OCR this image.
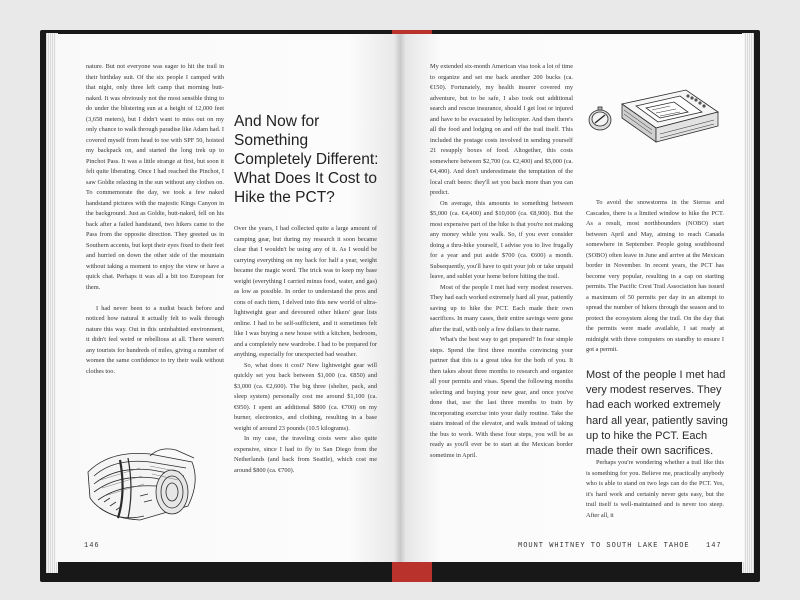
nature. But not everyone was eager to hit the trail in their birthday suit. Of the six people I camped with that night, only three left camp that morning butt-naked. It was obviously not the most sensible thing to do under the blistering sun at a height of 12,000 feet (3,658 meters), but I didn't want to miss out on my only chance to walk through paradise like Adam had. I covered myself from head to toe with SPF 50, hoisted my backpack on, and started the long trek up to Pinchot Pass. It was a little strange at first, but soon it felt quite liberating. Once I had reached the Pinchot, I saw Goldie relaxing in the sun without any clothes on. To commemorate the day, we took a few naked handstand pictures with the majestic Kings Canyon in the background. Just as Goldie, butt-naked, fell on his back after a failed handstand, two hikers came to the Pass from the opposite direction. They greeted us in Southern accents, but kept their eyes fixed to their feet and hurried on down the other side of the mountain without taking a moment to enjoy the view or have a quick chat. Perhaps it was all a bit too European for them.

I had never been to a nudist beach before and noticed how natural it actually felt to walk through nature this way. Out in this uninhabited environment, it didn't feel weird or rebellious at all. There weren't any tourists for hundreds of miles, giving a number of women the same confidence to try their walk without clothes too.

And Now for Something Completely Different: What Does It Cost to Hike the PCT?

Over the years, I had collected quite a large amount of camping gear, but during my research it soon became clear that I wouldn't be using any of it. As I would be carrying everything on my back for half a year, weight became the magic word. The trick was to keep my base weight (everything I carried minus food, water, and gas) as low as possible. In order to understand the pros and cons of each item, I delved into this new world of ultra-lightweight gear and devoured other hikers' gear lists online. I had to be self-sufficient, and it sometimes felt like I was buying a new house with a kitchen, bedroom, and a completely new wardrobe. I had to be prepared for anything, especially for unexpected bad weather.

So, what does it cost? New lightweight gear will quickly set you back between $1,000 (ca. €850) and $3,000 (ca. €2,600). The big three (shelter, pack, and sleep system) personally cost me around $1,100 (ca. €950). I spent an additional $800 (ca. €700) on my burner, electronics, and clothing, resulting in a base weight of around 23 pounds (10.5 kilograms).

In my case, the traveling costs were also quite expensive, since I had to fly to San Diego from the Netherlands (and back from Seattle), which cost me around $800 (ca. €700).

146

My extended six-month American visa took a lot of time to organize and set me back another 200 bucks (ca. €150). Fortunately, my health insurer covered my adventure, but to be safe, I also took out additional search and rescue insurance, should I get lost or injured and have to be evacuated by helicopter. And then there's all the food and lodging on and off the trail itself. This included the postage costs involved in sending yourself 21 resupply boxes of food. Altogether, this costs somewhere between $2,700 (ca. €2,400) and $5,000 (ca. €4,400). And don't underestimate the temptation of the local craft beers: they'll set you back more than you can predict.

On average, this amounts to something between $5,000 (ca. €4,400) and $10,000 (ca. €8,900). But the most expensive part of the hike is that you're not making any money while you walk. So, if you ever consider doing a thru-hike yourself, I advise you to live frugally for a year and put aside $700 (ca. €600) a month. Subsequently, you'll have to quit your job or take unpaid leave, and sublet your home before hitting the trail.

Most of the people I met had very modest reserves. They had each worked extremely hard all year, patiently saving up to hike the PCT. Each made their own sacrifices. In many cases, their entire savings were gone after the trail, with only a few dollars to their name.

What's the best way to get prepared? In four simple steps. Spend the first three months convincing your partner that this is a great idea for the both of you. It then takes about three months to research and organize all your permits and visas. Spend the following months selecting and buying your new gear, and once you've done that, use the last three months to train by incorporating exercise into your daily routine. Take the stairs instead of the elevator, and walk instead of taking the bus to work. With these four steps, you will be as ready as you'll ever be to start at the Mexican border sometime in April.

To avoid the snowstorms in the Sierras and Cascades, there is a limited window to hike the PCT. As a result, most northbounders (NOBO) start between April and May, aiming to reach Canada somewhere in September. People going southbound (SOBO) often leave in June and arrive at the Mexican border in November. In recent years, the PCT has become very popular, resulting in a cap on starting permits. The Pacific Crest Trail Association has issued a maximum of 50 permits per day in an attempt to spread the number of hikers through the season and to protect the ecosystem along the trail. On the day that the permits were made available, I sat ready at midnight with three computers on standby to ensure I got a permit.

Most of the people I met had very modest reserves. They had each worked extremely hard all year, patiently saving up to hike the PCT. Each made their own sacrifices.

Perhaps you're wondering whether a trail like this is something for you. Believe me, practically anybody who is able to stand on two legs can do the PCT. Yes, it's hard work and certainly never gets easy, but the trail itself is well-maintained and is never too steep. After all, it

MOUNT WHITNEY TO SOUTH LAKE TAHOE 147
